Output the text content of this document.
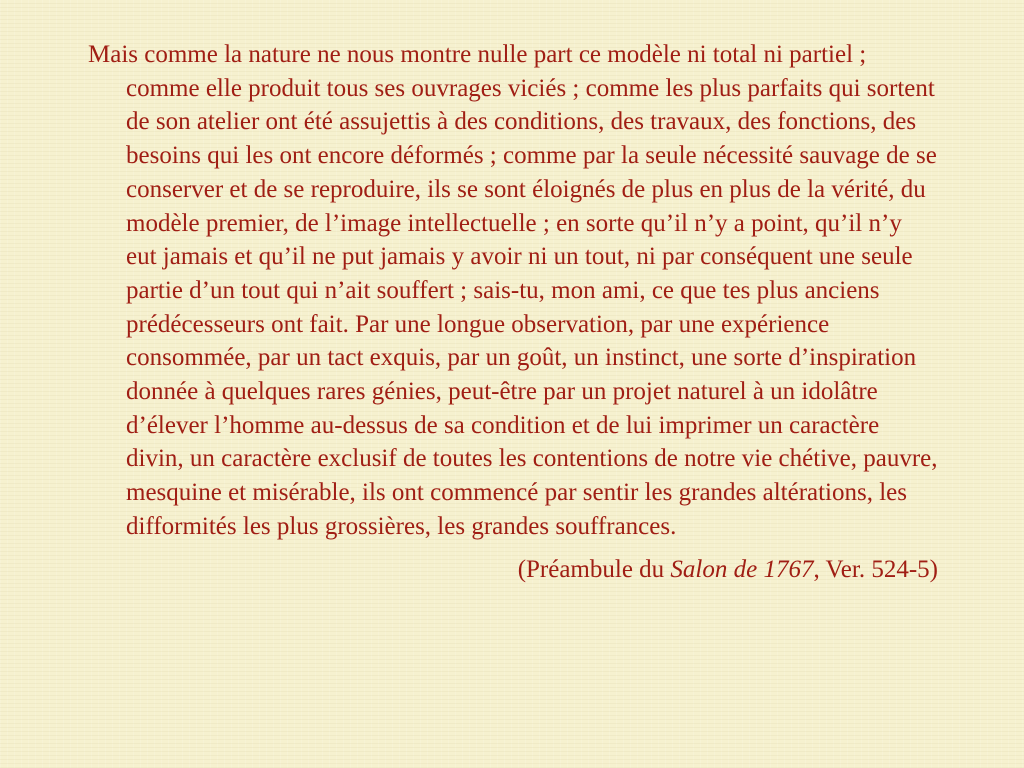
Mais comme la nature ne nous montre nulle part ce modèle ni total ni partiel ; comme elle produit tous ses ouvrages viciés ; comme les plus parfaits qui sortent de son atelier ont été assujettis à des conditions, des travaux, des fonctions, des besoins qui les ont encore déformés ; comme par la seule nécessité sauvage de se conserver et de se reproduire, ils se sont éloignés de plus en plus de la vérité, du modèle premier, de l’image intellectuelle ; en sorte qu’il n’y a point, qu’il n’y eut jamais et qu’il ne put jamais y avoir ni un tout, ni par conséquent une seule partie d’un tout qui n’ait souffert ; sais-tu, mon ami, ce que tes plus anciens prédécesseurs ont fait. Par une longue observation, par une expérience consommée, par un tact exquis, par un goût, un instinct, une sorte d’inspiration donnée à quelques rares génies, peut-être par un projet naturel à un idolâtre d’élever l’homme au-dessus de sa condition et de lui imprimer un caractère divin, un caractère exclusif de toutes les contentions de notre vie chétive, pauvre, mesquine et misérable, ils ont commencé par sentir les grandes altérations, les difformités les plus grossières, les grandes souffrances.

(Préambule du Salon de 1767, Ver. 524-5)
